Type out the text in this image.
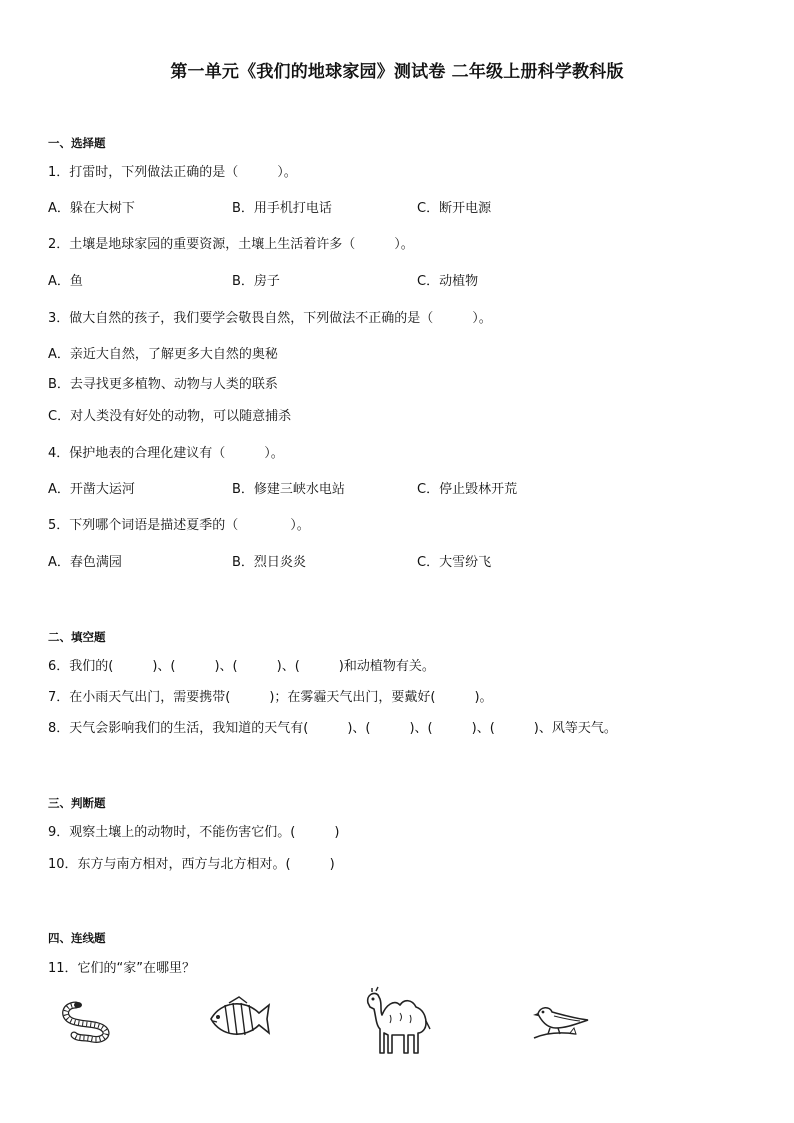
第一单元《我们的地球家园》测试卷 二年级上册科学教科版
一、选择题
1．打雷时，下列做法正确的是（　　　）。
A．躲在大树下	B．用手机打电话	C．断开电源
2．土壤是地球家园的重要资源，土壤上生活着许多（　　　）。
A．鱼	B．房子	C．动植物
3．做大自然的孩子，我们要学会敬畏自然，下列做法不正确的是（　　　）。
A．亲近大自然，了解更多大自然的奥秘
B．去寻找更多植物、动物与人类的联系
C．对人类没有好处的动物，可以随意捕杀
4．保护地表的合理化建议有（　　　）。
A．开凿大运河	B．修建三峡水电站	C．停止毁林开荒
5．下列哪个词语是描述夏季的（　　　　）。
A．春色满园	B．烈日炎炎	C．大雪纷飞
二、填空题
6．我们的(　　　)、(　　　)、(　　　)、(　　　)和动植物有关。
7．在小雨天气出门，需要携带(　　　)；在雾霾天气出门，要戴好(　　　)。
8．天气会影响我们的生活，我知道的天气有(　　　)、(　　　)、(　　　)、(　　　)、风等天气。
三、判断题
9．观察土壤上的动物时，不能伤害它们。(　　　)
10．东方与南方相对，西方与北方相对。(　　　)
四、连线题
11．它们的“家”在哪里？
